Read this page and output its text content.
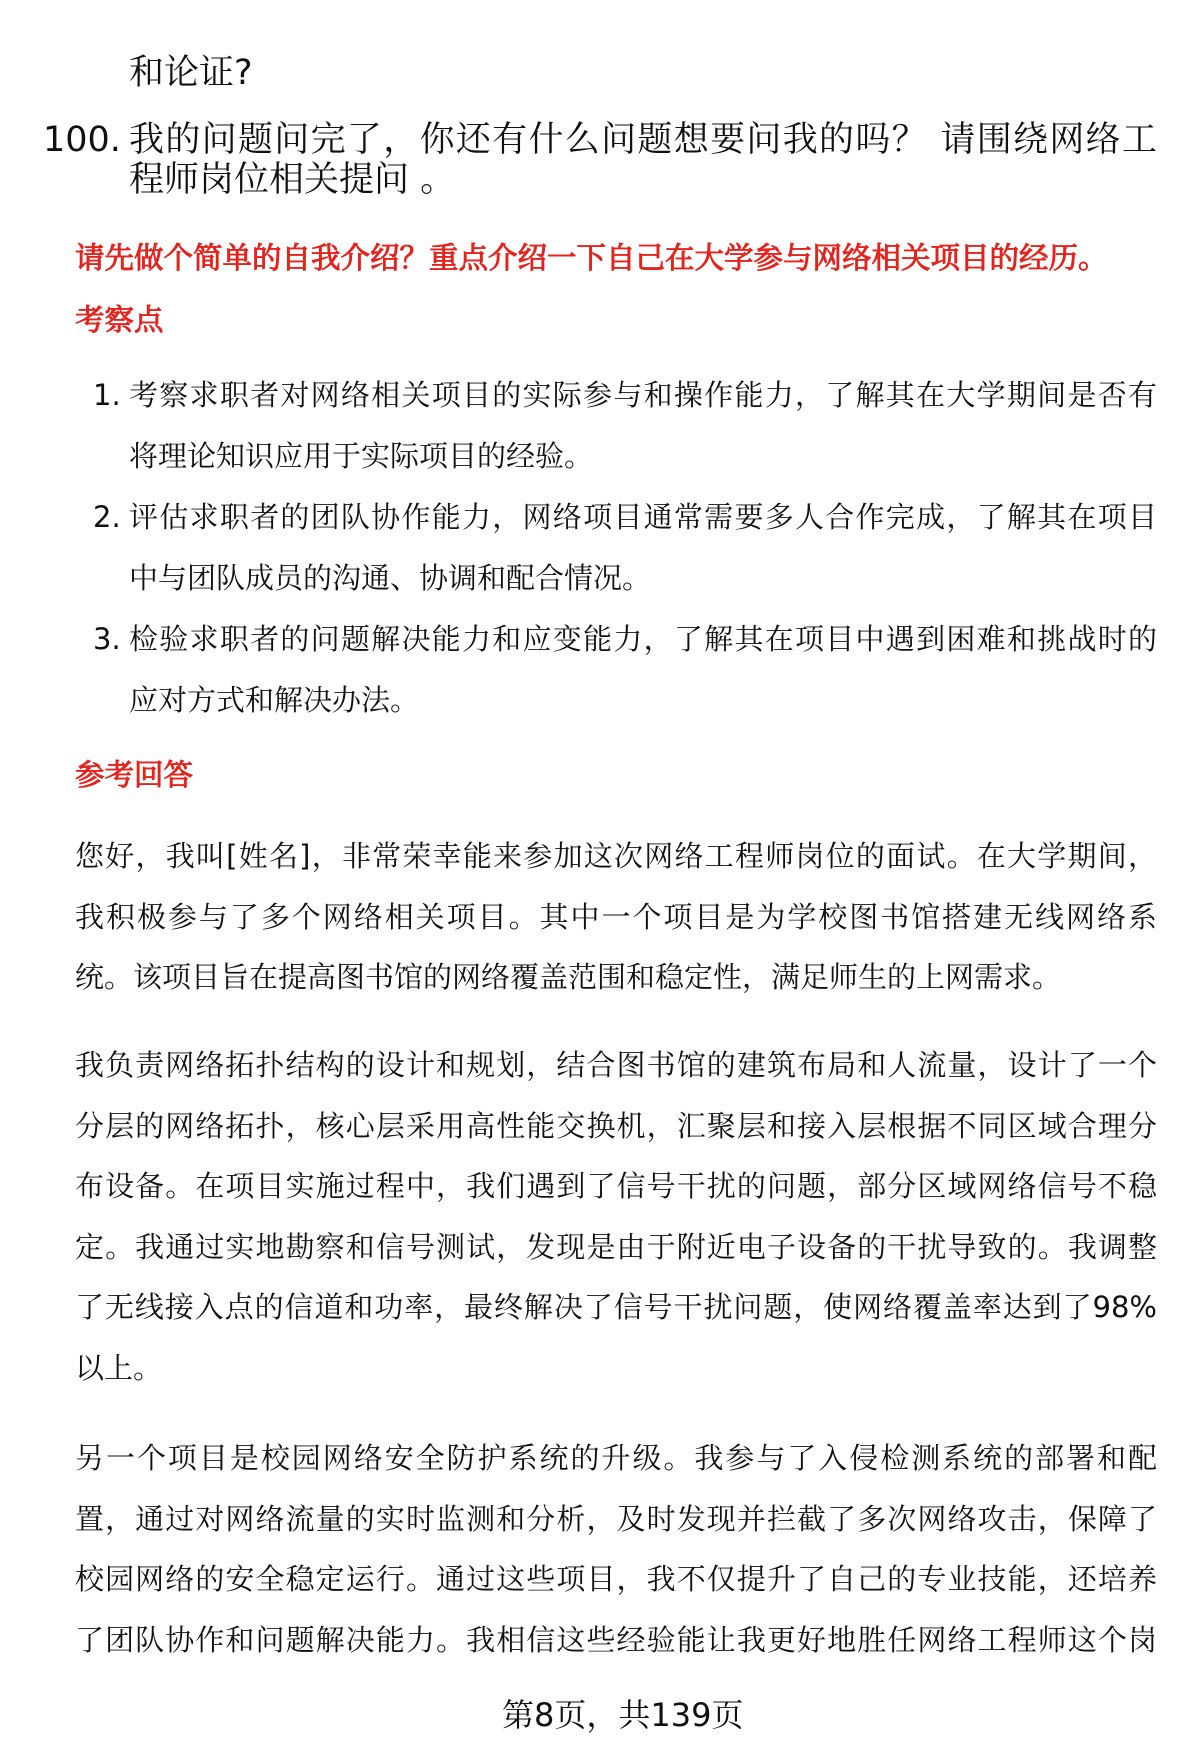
和论证?
100. 我的问题问完了，你还有什么问题想要问我的吗？ 请围绕网络工
程师岗位相关提问 。
请先做个简单的自我介绍？重点介绍一下自己在大学参与网络相关项目的经历。
考察点
1. 考察求职者对网络相关项目的实际参与和操作能力，了解其在大学期间是否有
将理论知识应用于实际项目的经验。
2. 评估求职者的团队协作能力，网络项目通常需要多人合作完成，了解其在项目
中与团队成员的沟通、协调和配合情况。
3. 检验求职者的问题解决能力和应变能力，了解其在项目中遇到困难和挑战时的
应对方式和解决办法。
参考回答
您好，我叫[姓名]，非常荣幸能来参加这次网络工程师岗位的面试。在大学期间，
我积极参与了多个网络相关项目。其中一个项目是为学校图书馆搭建无线网络系
统。该项目旨在提高图书馆的网络覆盖范围和稳定性，满足师生的上网需求。
我负责网络拓扑结构的设计和规划，结合图书馆的建筑布局和人流量，设计了一个
分层的网络拓扑，核心层采用高性能交换机，汇聚层和接入层根据不同区域合理分
布设备。在项目实施过程中，我们遇到了信号干扰的问题，部分区域网络信号不稳
定。我通过实地勘察和信号测试，发现是由于附近电子设备的干扰导致的。我调整
了无线接入点的信道和功率，最终解决了信号干扰问题，使网络覆盖率达到了98%
以上。
另一个项目是校园网络安全防护系统的升级。我参与了入侵检测系统的部署和配
置，通过对网络流量的实时监测和分析，及时发现并拦截了多次网络攻击，保障了
校园网络的安全稳定运行。通过这些项目，我不仅提升了自己的专业技能，还培养
了团队协作和问题解决能力。我相信这些经验能让我更好地胜任网络工程师这个岗
第8页，共139页
